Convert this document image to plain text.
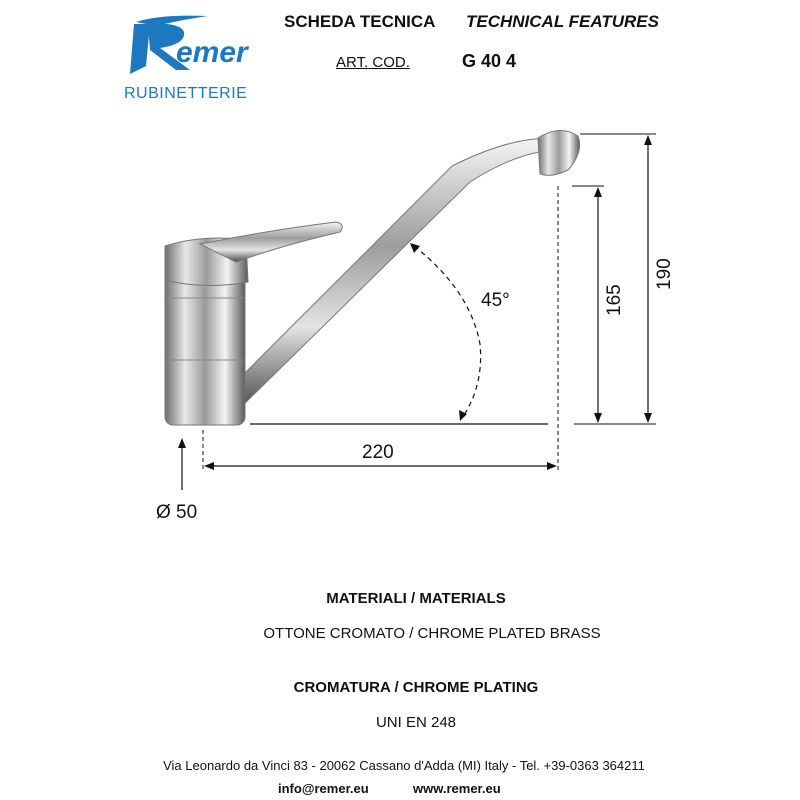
emer
RUBINETTERIE
SCHEDA TECNICA TECHNICAL FEATURES
ART. COD.	G 40 4
220
165
190
45°
Ø 50
MATERIALI / MATERIALS
OTTONE CROMATO / CHROME PLATED BRASS
CROMATURA / CHROME PLATING
UNI EN 248
Via Leonardo da Vinci 83 - 20062 Cassano d'Adda (MI) Italy - Tel. +39-0363 364211
info@remer.eu	www.remer.eu
